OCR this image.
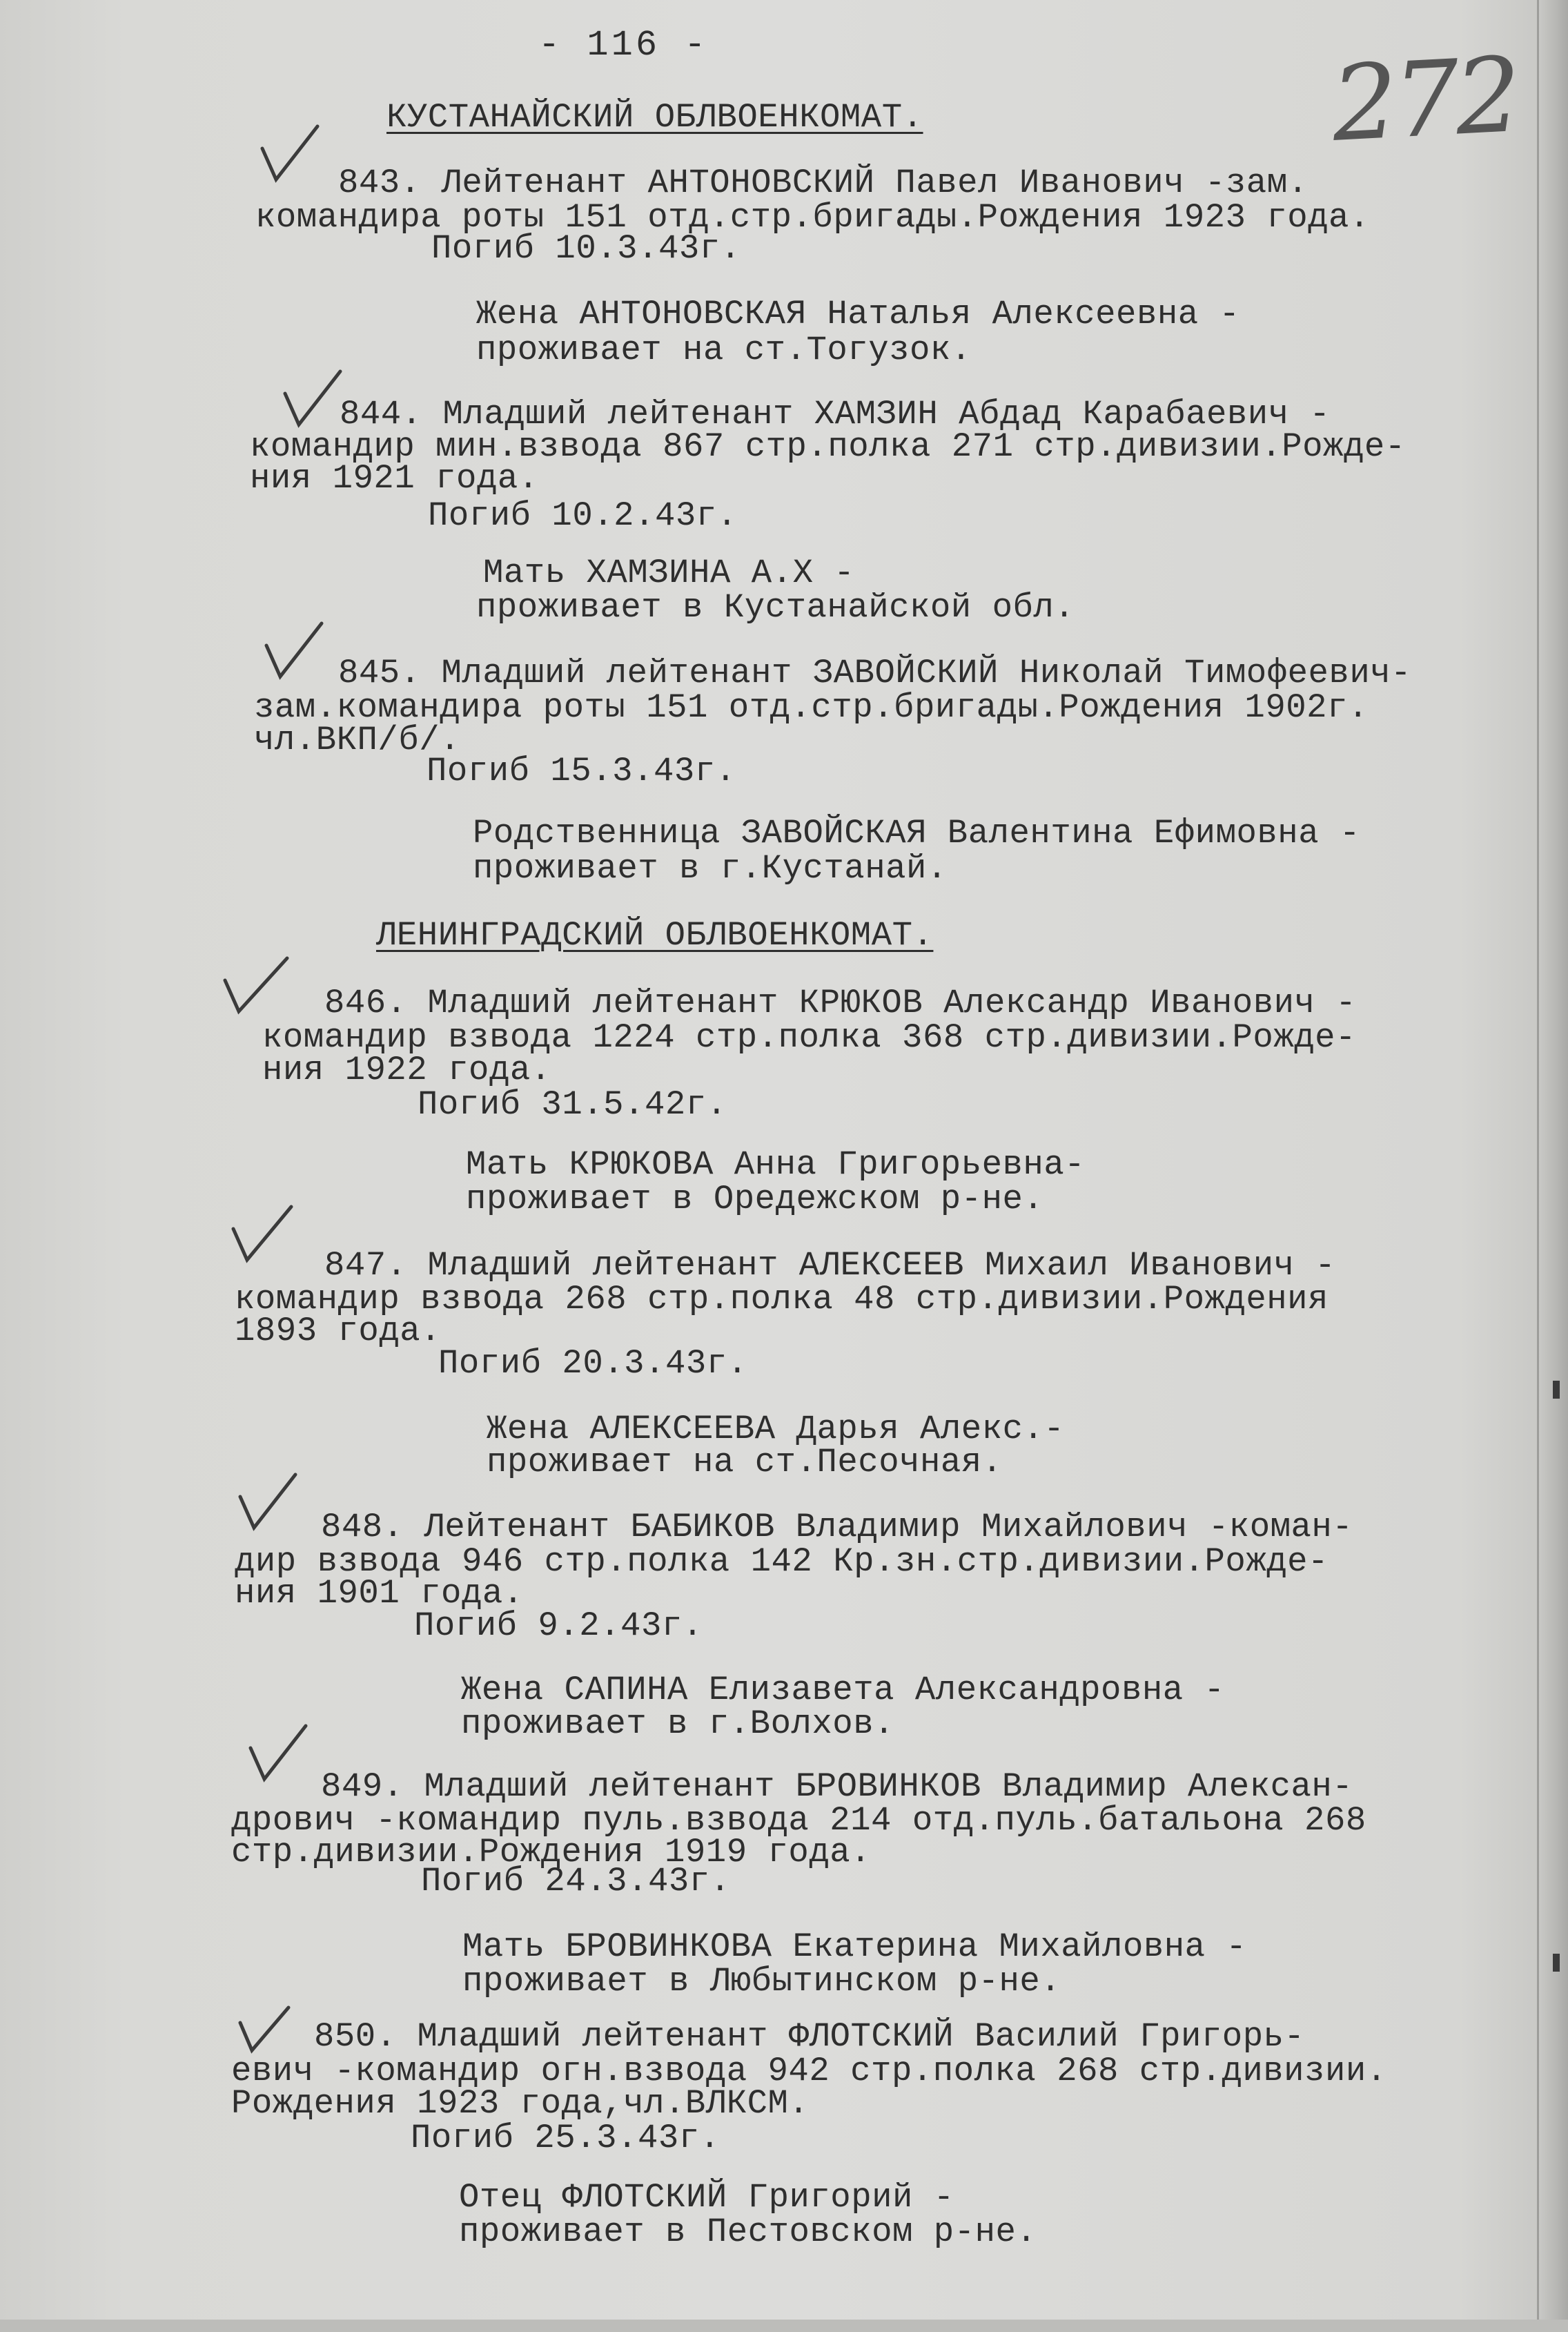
- 116 -	272
КУСТАНАЙСКИЙ ОБЛВОЕНКОМАТ.
843. Лейтенант АНТОНОВСКИЙ Павел Иванович -зам.
командира роты 151 отд.стр.бригады.Рождения 1923 года.
Погиб 10.3.43г.
Жена АНТОНОВСКАЯ Наталья Алексеевна -
проживает на ст.Тогузок.
844. Младший лейтенант ХАМЗИН Абдад Карабаевич -
командир мин.взвода 867 стр.полка 271 стр.дивизии.Рожде-
ния 1921 года.
Погиб 10.2.43г.
Мать ХАМЗИНА А.Х -
проживает в Кустанайской обл.
845. Младший лейтенант ЗАВОЙСКИЙ Николай Тимофеевич-
зам.командира роты 151 отд.стр.бригады.Рождения 1902г.
чл.ВКП/б/.
Погиб 15.3.43г.
Родственница ЗАВОЙСКАЯ Валентина Ефимовна -
проживает в г.Кустанай.
ЛЕНИНГРАДСКИЙ ОБЛВОЕНКОМАТ.
846. Младший лейтенант КРЮКОВ Александр Иванович -
командир взвода 1224 стр.полка 368 стр.дивизии.Рожде-
ния 1922 года.
Погиб 31.5.42г.
Мать КРЮКОВА Анна Григорьевна-
проживает в Оредежском р-не.
847. Младший лейтенант АЛЕКСЕЕВ Михаил Иванович -
командир взвода 268 стр.полка 48 стр.дивизии.Рождения
1893 года.
Погиб 20.3.43г.
Жена АЛЕКСЕЕВА Дарья Алекс.-
проживает на ст.Песочная.
848. Лейтенант БАБИКОВ Владимир Михайлович -коман-
дир взвода 946 стр.полка 142 Кр.зн.стр.дивизии.Рожде-
ния 1901 года.
Погиб 9.2.43г.
Жена САПИНА Елизавета Александровна -
проживает в г.Волхов.
849. Младший лейтенант БРОВИНКОВ Владимир Алексан-
дрович -командир пуль.взвода 214 отд.пуль.батальона 268
стр.дивизии.Рождения 1919 года.
Погиб 24.3.43г.
Мать БРОВИНКОВА Екатерина Михайловна -
проживает в Любытинском р-не.
850. Младший лейтенант ФЛОТСКИЙ Василий Григорь-
евич -командир огн.взвода 942 стр.полка 268 стр.дивизии.
Рождения 1923 года,чл.ВЛКСМ.
Погиб 25.3.43г.
Отец ФЛОТСКИЙ Григорий -
проживает в Пестовском р-не.
